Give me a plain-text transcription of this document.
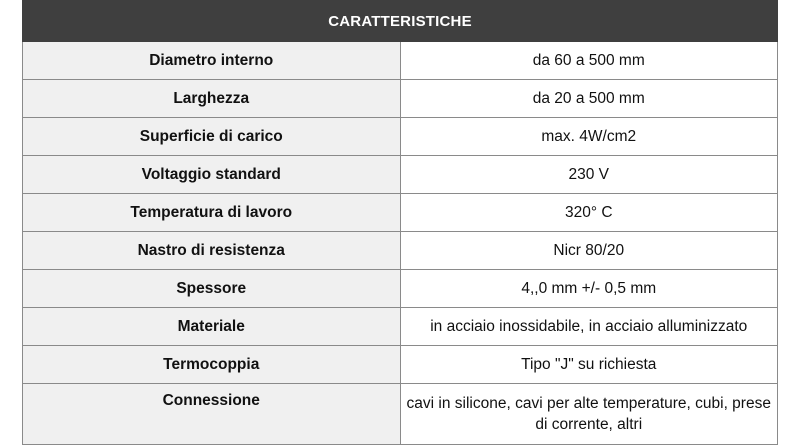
CARATTERISTICHE	
Diametro interno	da 60 a 500 mm
Larghezza	da 20 a 500 mm
Superficie di carico	max. 4W/cm2
Voltaggio standard	230 V
Temperatura di lavoro	320° C
Nastro di resistenza	Nicr 80/20
Spessore	4,,0 mm +/- 0,5 mm
Materiale	in acciaio inossidabile, in acciaio alluminizzato
Termocoppia	Tipo "J" su richiesta
Connessione	cavi in silicone, cavi per alte temperature, cubi, prese di corrente, altri
